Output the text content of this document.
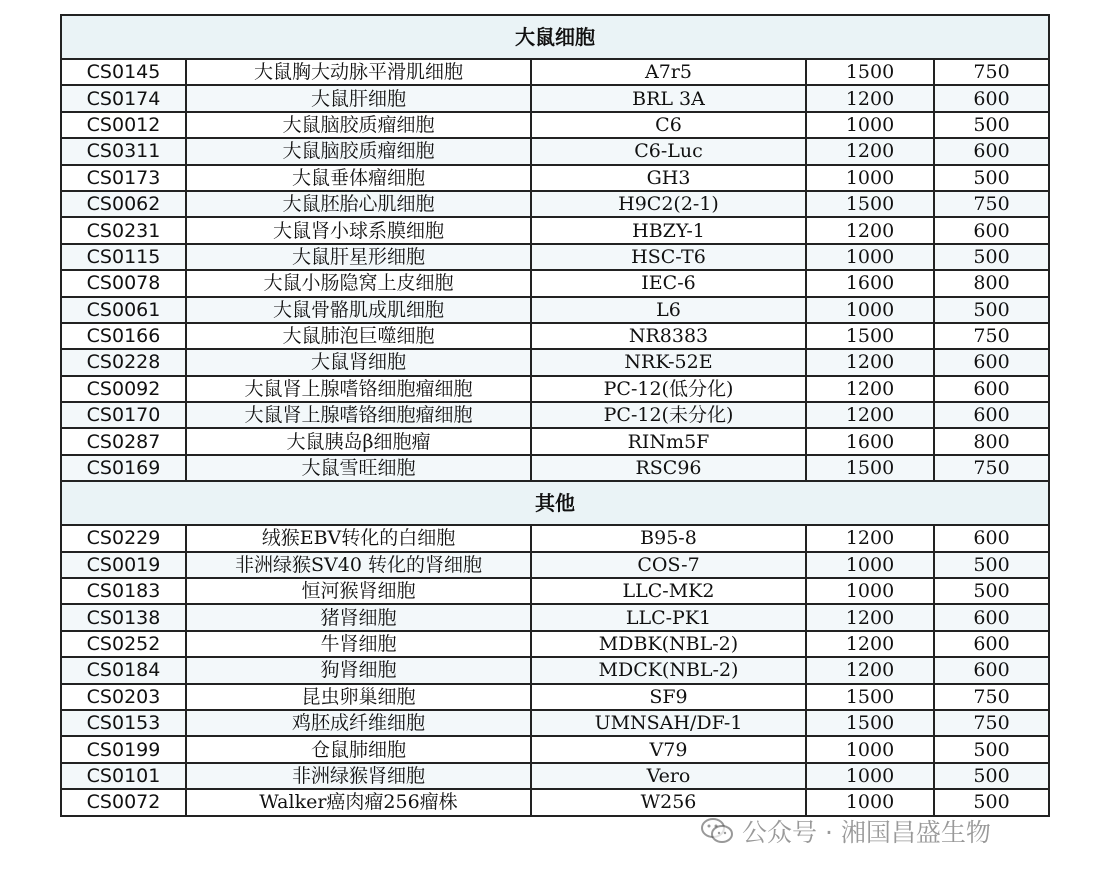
大鼠细胞				
CS0145	大鼠胸大动脉平滑肌细胞	A7r5	1500	750
CS0174	大鼠肝细胞	BRL 3A	1200	600
CS0012	大鼠脑胶质瘤细胞	C6	1000	500
CS0311	大鼠脑胶质瘤细胞	C6-Luc	1200	600
CS0173	大鼠垂体瘤细胞	GH3	1000	500
CS0062	大鼠胚胎心肌细胞	H9C2(2-1)	1500	750
CS0231	大鼠肾小球系膜细胞	HBZY-1	1200	600
CS0115	大鼠肝星形细胞	HSC-T6	1000	500
CS0078	大鼠小肠隐窝上皮细胞	IEC-6	1600	800
CS0061	大鼠骨骼肌成肌细胞	L6	1000	500
CS0166	大鼠肺泡巨噬细胞	NR8383	1500	750
CS0228	大鼠肾细胞	NRK-52E	1200	600
CS0092	大鼠肾上腺嗜铬细胞瘤细胞	PC-12(低分化)	1200	600
CS0170	大鼠肾上腺嗜铬细胞瘤细胞	PC-12(未分化)	1200	600
CS0287	大鼠胰岛β细胞瘤	RINm5F	1600	800
CS0169	大鼠雪旺细胞	RSC96	1500	750
其他				
CS0229	绒猴EBV转化的白细胞	B95-8	1200	600
CS0019	非洲绿猴SV40 转化的肾细胞	COS-7	1000	500
CS0183	恒河猴肾细胞	LLC-MK2	1000	500
CS0138	猪肾细胞	LLC-PK1	1200	600
CS0252	牛肾细胞	MDBK(NBL-2)	1200	600
CS0184	狗肾细胞	MDCK(NBL-2)	1200	600
CS0203	昆虫卵巢细胞	SF9	1500	750
CS0153	鸡胚成纤维细胞	UMNSAH/DF-1	1500	750
CS0199	仓鼠肺细胞	V79	1000	500
CS0101	非洲绿猴肾细胞	Vero	1000	500
CS0072	Walker癌肉瘤256瘤株	W256	1000	500
公众号 · 湘国昌盛生物
